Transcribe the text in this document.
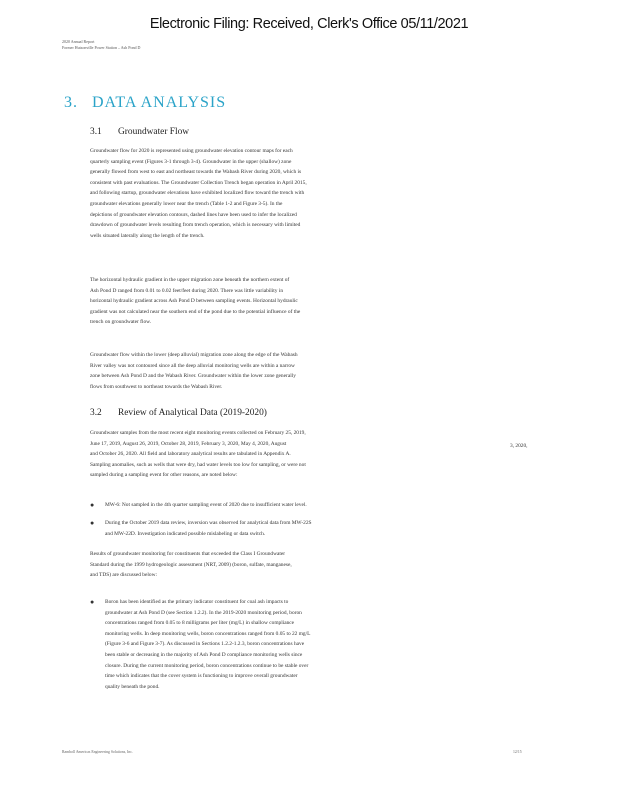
Electronic Filing: Received, Clerk's Office 05/11/2021
2020 Annual Report
Former Hutsonville Power Station – Ash Pond D
3. DATA ANALYSIS
3.1 Groundwater Flow
Groundwater flow for 2020 is represented using groundwater elevation contour maps for each
quarterly sampling event (Figures 3-1 through 3-4). Groundwater in the upper (shallow) zone
generally flowed from west to east and northeast towards the Wabash River during 2020, which is
consistent with past evaluations. The Groundwater Collection Trench began operation in April 2015,
and following startup, groundwater elevations have exhibited localized flow toward the trench with
groundwater elevations generally lower near the trench (Table 1-2 and Figure 3-5). In the
depictions of groundwater elevation contours, dashed lines have been used to infer the localized
drawdown of groundwater levels resulting from trench operation, which is necessary with limited
wells situated laterally along the length of the trench.
The horizontal hydraulic gradient in the upper migration zone beneath the northern extent of
Ash Pond D ranged from 0.01 to 0.02 feet/feet during 2020. There was little variability in
horizontal hydraulic gradient across Ash Pond D between sampling events. Horizontal hydraulic
gradient was not calculated near the southern end of the pond due to the potential influence of the
trench on groundwater flow.
Groundwater flow within the lower (deep alluvial) migration zone along the edge of the Wabash
River valley was not contoured since all the deep alluvial monitoring wells are within a narrow
zone between Ash Pond D and the Wabash River. Groundwater within the lower zone generally
flows from southwest to northeast towards the Wabash River.
3.2 Review of Analytical Data (2019-2020)
Groundwater samples from the most recent eight monitoring events collected on February 25, 2019,
June 17, 2019, August 26, 2019, October 28, 2019, February 3, 2020, May 4, 2020, August
and October 26, 2020. All field and laboratory analytical results are tabulated in Appendix A.
Sampling anomalies, such as wells that were dry, had water levels too low for sampling, or were not
sampled during a sampling event for other reasons, are noted below:
3, 2020,
● MW-6: Not sampled in the 4th quarter sampling event of 2020 due to insufficient water level.
● During the October 2019 data review, inversion was observed for analytical data from MW-22S
and MW-22D. Investigation indicated possible mislabeling or data switch.
Results of groundwater monitoring for constituents that exceeded the Class I Groundwater
Standard during the 1999 hydrogeologic assessment (NRT, 2009) (boron, sulfate, manganese,
and TDS) are discussed below:
● Boron has been identified as the primary indicator constituent for coal ash impacts to
groundwater at Ash Pond D (see Section 1.2.2). In the 2019-2020 monitoring period, boron
concentrations ranged from 0.05 to 8 milligrams per liter (mg/L) in shallow compliance
monitoring wells. In deep monitoring wells, boron concentrations ranged from 0.05 to 22 mg/L
(Figure 3-6 and Figure 3-7). As discussed in Sections 1.2.2-1.2.3, boron concentrations have
been stable or decreasing in the majority of Ash Pond D compliance monitoring wells since
closure. During the current monitoring period, boron concentrations continue to be stable over
time which indicates that the cover system is functioning to improve overall groundwater
quality beneath the pond.
Ramboll Americas Engineering Solutions, Inc.	12/15
